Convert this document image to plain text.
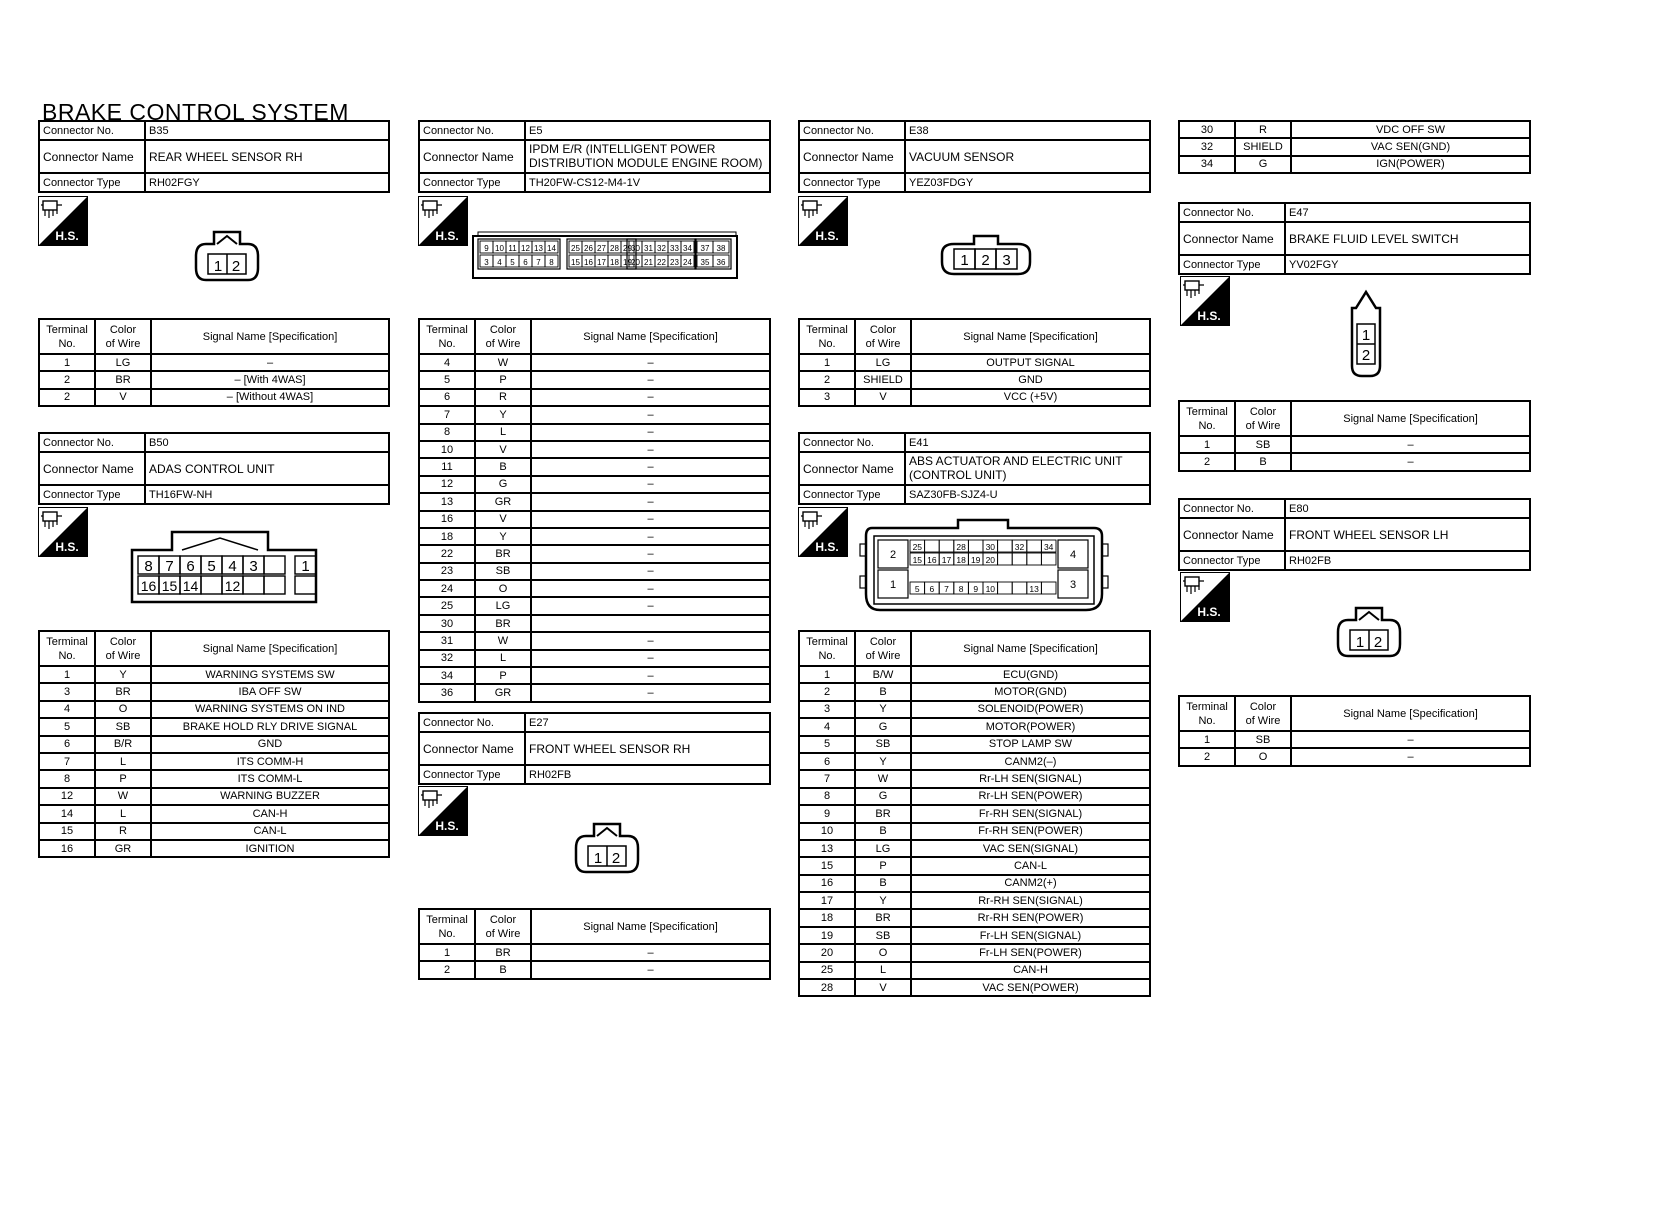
BRAKE CONTROL SYSTEM
Connector No.	B35
Connector Name	REAR WHEEL SENSOR RH
Connector Type	RH02FGY
H.S.
1 2
Terminal
No.	Color
of Wire	Signal Name [Specification]
1	LG	–
2	BR	– [With 4WAS]
2	V	– [Without 4WAS]
Connector No.	B50
Connector Name	ADAS CONTROL UNIT
Connector Type	TH16FW-NH
H.S.
8 7 6 5 4 3	1
16 15 14 12
Terminal
No.	Color
of Wire	Signal Name [Specification]
1	Y	WARNING SYSTEMS SW
3	BR	IBA OFF SW
4	O	WARNING SYSTEMS ON IND
5	SB	BRAKE HOLD RLY DRIVE SIGNAL
6	B/R	GND
7	L	ITS COMM-H
8	P	ITS COMM-L
12	W	WARNING BUZZER
14	L	CAN-H
15	R	CAN-L
16	GR	IGNITION
Connector No.	E5
Connector Name	IPDM E/R (INTELLIGENT POWER DISTRIBUTION MODULE ENGINE ROOM)
Connector Type	TH20FW-CS12-M4-1V
H.S.
9 10 11 12 13 14
3 4 5 6 7 8
25 26 27 28 29
15 16 17 18 19
30 31 32 33 34
20 21 22 23 24
37 38
35 36
Terminal
No.	Color
of Wire	Signal Name [Specification]
4	W	–
5	P	–
6	R	–
7	Y	–
8	L	–
10	V	–
11	B	–
12	G	–
13	GR	–
16	V	–
18	Y	–
22	BR	–
23	SB	–
24	O	–
25	LG	–
30	BR	
31	W	–
32	L	–
34	P	–
36	GR	–
Connector No.	E27
Connector Name	FRONT WHEEL SENSOR RH
Connector Type	RH02FB
H.S.
1 2
Terminal
No.	Color
of Wire	Signal Name [Specification]
1	BR	–
2	B	–
Connector No.	E38
Connector Name	VACUUM SENSOR
Connector Type	YEZ03FDGY
H.S.
1 2 3
Terminal
No.	Color
of Wire	Signal Name [Specification]
1	LG	OUTPUT SIGNAL
2	SHIELD	GND
3	V	VCC (+5V)
Connector No.	E41
Connector Name	ABS ACTUATOR AND ELECTRIC UNIT (CONTROL UNIT)
Connector Type	SAZ30FB-SJZ4-U
H.S.
2
1
4
3
25	28 30 32 34
15 16 17 18 19 20
5 6 7 8 9 10	13
Terminal
No.	Color
of Wire	Signal Name [Specification]
1	B/W	ECU(GND)
2	B	MOTOR(GND)
3	Y	SOLENOID(POWER)
4	G	MOTOR(POWER)
5	SB	STOP LAMP SW
6	Y	CANM2(–)
7	W	Rr-LH SEN(SIGNAL)
8	G	Rr-LH SEN(POWER)
9	BR	Fr-RH SEN(SIGNAL)
10	B	Fr-RH SEN(POWER)
13	LG	VAC SEN(SIGNAL)
15	P	CAN-L
16	B	CANM2(+)
17	Y	Rr-RH SEN(SIGNAL)
18	BR	Rr-RH SEN(POWER)
19	SB	Fr-LH SEN(SIGNAL)
20	O	Fr-LH SEN(POWER)
25	L	CAN-H
28	V	VAC SEN(POWER)
30	R	VDC OFF SW
32	SHIELD	VAC SEN(GND)
34	G	IGN(POWER)
Connector No.	E47
Connector Name	BRAKE FLUID LEVEL SWITCH
Connector Type	YV02FGY
H.S.
1
2
Terminal
No.	Color
of Wire	Signal Name [Specification]
1	SB	–
2	B	–
Connector No.	E80
Connector Name	FRONT WHEEL SENSOR LH
Connector Type	RH02FB
H.S.
1 2
Terminal
No.	Color
of Wire	Signal Name [Specification]
1	SB	–
2	O	–
